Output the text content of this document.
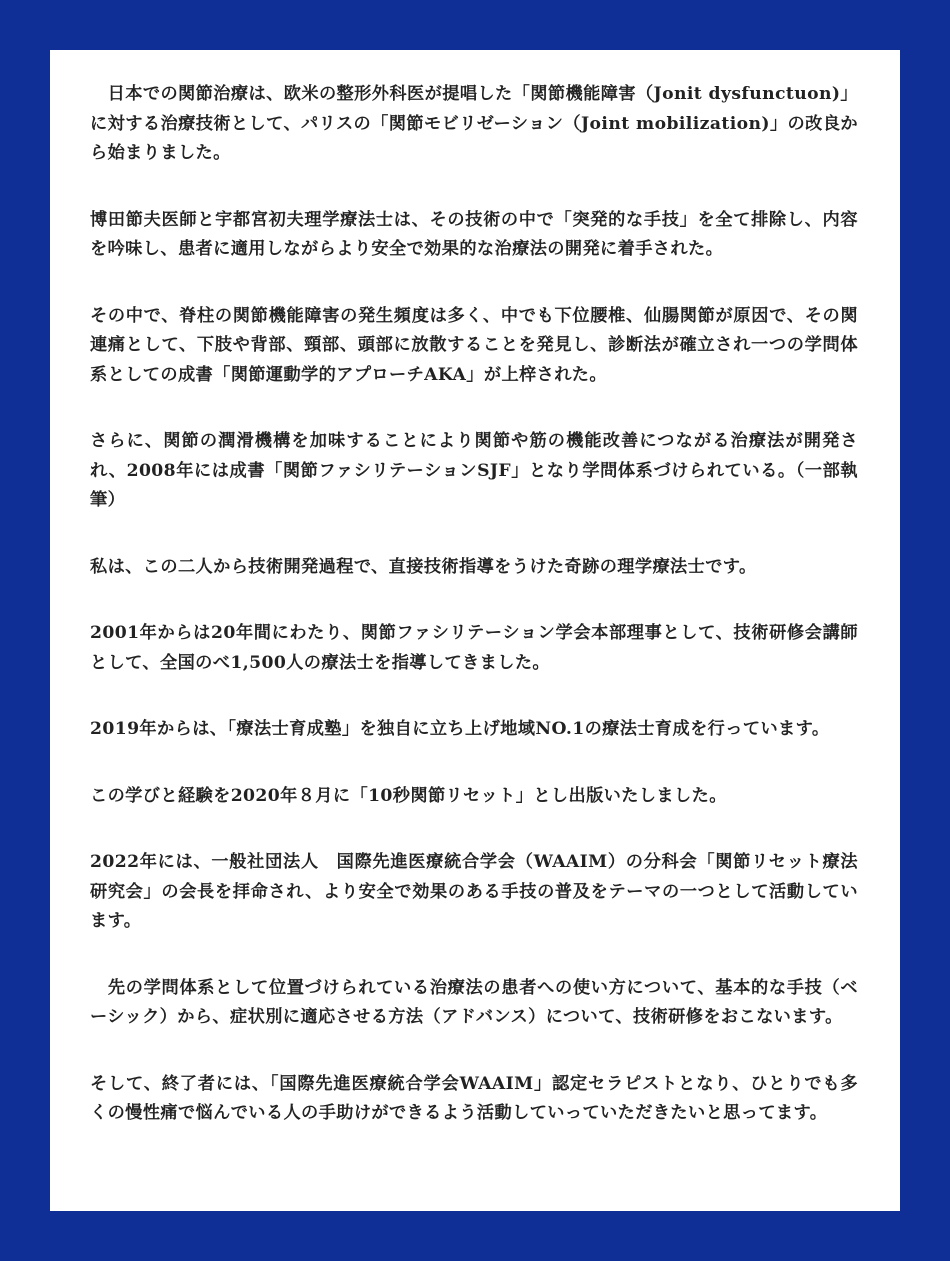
　日本での関節治療は、欧米の整形外科医が提唱した「関節機能障害（Jonit dysfunctuon)」に対する治療技術として、パリスの「関節モビリゼーション（Joint mobilization)」の改良から始まりました。

博田節夫医師と宇都宮初夫理学療法士は、その技術の中で「突発的な手技」を全て排除し、内容を吟味し、患者に適用しながらより安全で効果的な治療法の開発に着手された。

その中で、脊柱の関節機能障害の発生頻度は多く、中でも下位腰椎、仙腸関節が原因で、その関連痛として、下肢や背部、頸部、頭部に放散することを発見し、診断法が確立され一つの学問体系としての成書「関節運動学的アプローチAKA」が上梓された。

さらに、関節の潤滑機構を加味することにより関節や筋の機能改善につながる治療法が開発され、2008年には成書「関節ファシリテーションSJF」となり学問体系づけられている。（一部執筆）

私は、この二人から技術開発過程で、直接技術指導をうけた奇跡の理学療法士です。

2001年からは20年間にわたり、関節ファシリテーション学会本部理事として、技術研修会講師として、全国のべ1,500人の療法士を指導してきました。

2019年からは、「療法士育成塾」を独自に立ち上げ地域NO.1の療法士育成を行っています。

この学びと経験を2020年８月に「10秒関節リセット」とし出版いたしました。

2022年には、一般社団法人　国際先進医療統合学会（WAAIM）の分科会「関節リセット療法研究会」の会長を拝命され、より安全で効果のある手技の普及をテーマの一つとして活動しています。

　先の学問体系として位置づけられている治療法の患者への使い方について、基本的な手技（ベーシック）から、症状別に適応させる方法（アドバンス）について、技術研修をおこないます。

そして、終了者には、「国際先進医療統合学会WAAIM」認定セラピストとなり、ひとりでも多くの慢性痛で悩んでいる人の手助けができるよう活動していっていただきたいと思ってます。
